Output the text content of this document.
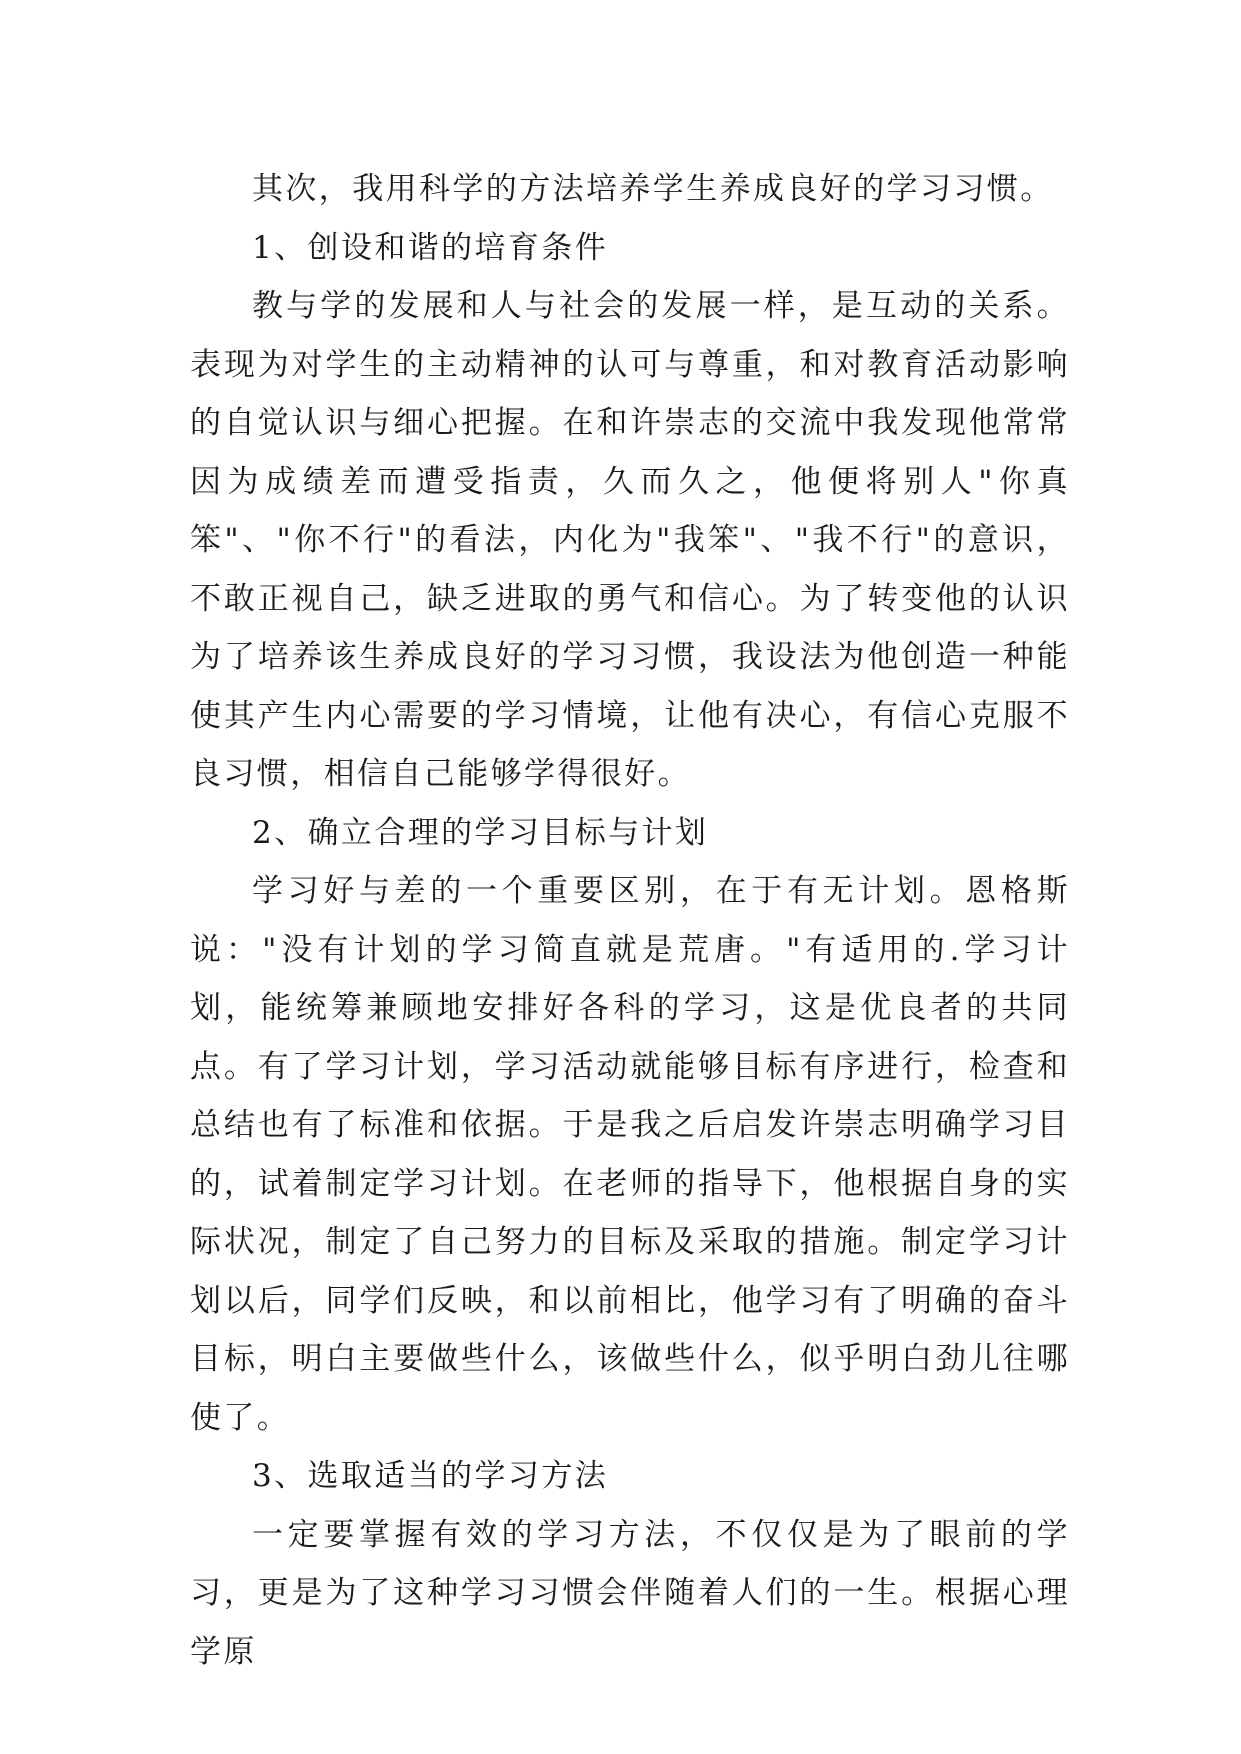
其次，我用科学的方法培养学生养成良好的学习习惯。

1、创设和谐的培育条件

教与学的发展和人与社会的发展一样，是互动的关系。表现为对学生的主动精神的认可与尊重，和对教育活动影响的自觉认识与细心把握。在和许崇志的交流中我发现他常常因为成绩差而遭受指责，久而久之，他便将别人"你真笨"、"你不行"的看法，内化为"我笨"、"我不行"的意识，不敢正视自己，缺乏进取的勇气和信心。为了转变他的认识为了培养该生养成良好的学习习惯，我设法为他创造一种能使其产生内心需要的学习情境，让他有决心，有信心克服不良习惯，相信自己能够学得很好。

2、确立合理的学习目标与计划

学习好与差的一个重要区别，在于有无计划。恩格斯说："没有计划的学习简直就是荒唐。"有适用的.学习计划，能统筹兼顾地安排好各科的学习，这是优良者的共同点。有了学习计划，学习活动就能够目标有序进行，检查和总结也有了标准和依据。于是我之后启发许崇志明确学习目的，试着制定学习计划。在老师的指导下，他根据自身的实际状况，制定了自己努力的目标及采取的措施。制定学习计划以后，同学们反映，和以前相比，他学习有了明确的奋斗目标，明白主要做些什么，该做些什么，似乎明白劲儿往哪使了。

3、选取适当的学习方法

一定要掌握有效的学习方法，不仅仅是为了眼前的学习，更是为了这种学习习惯会伴随着人们的一生。根据心理学原
